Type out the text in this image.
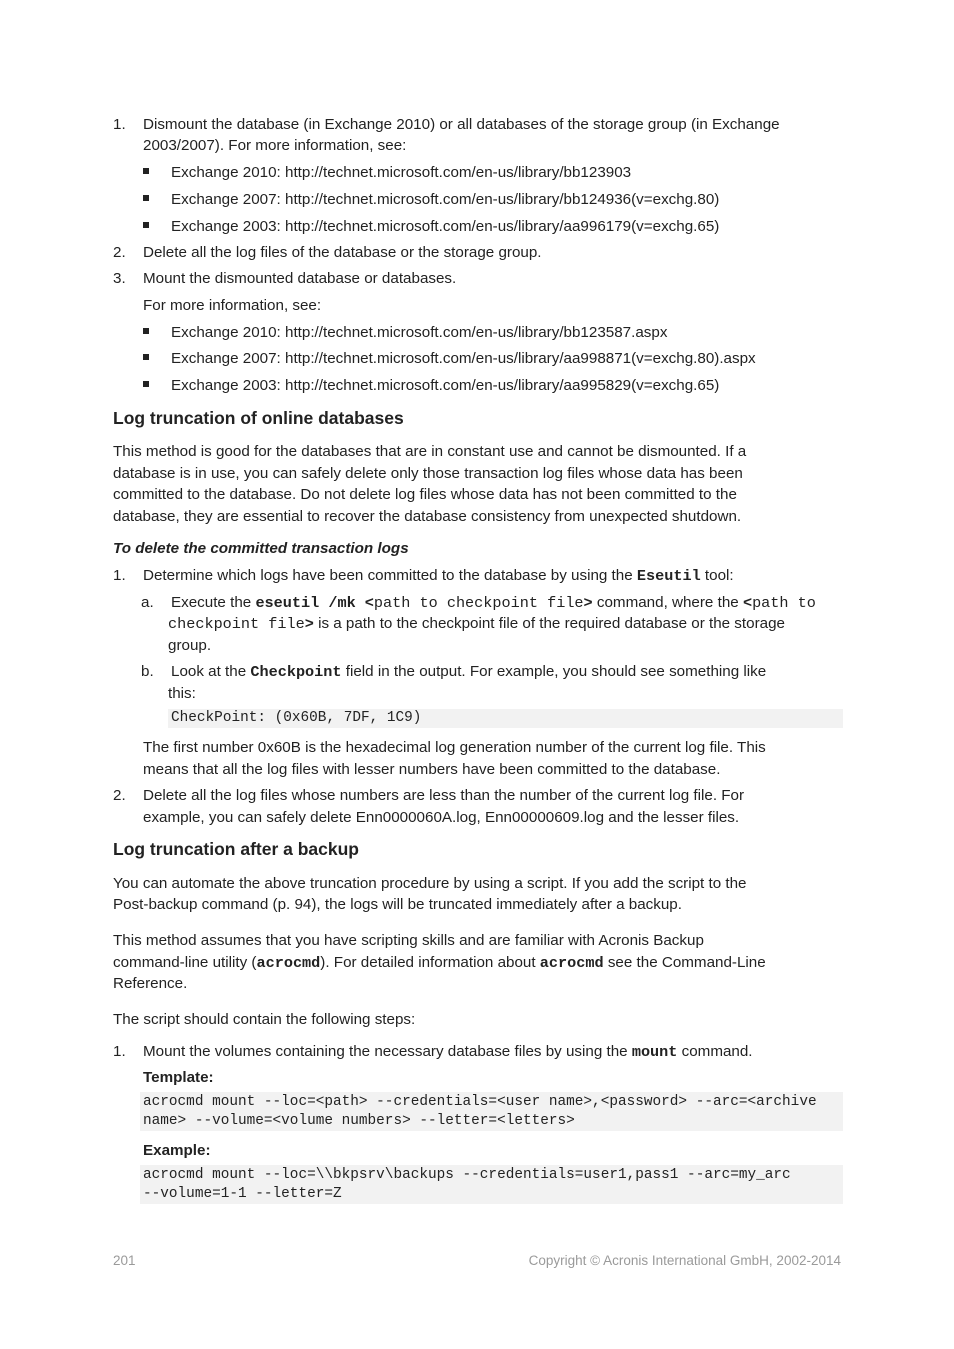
1. Dismount the database (in Exchange 2010) or all databases of the storage group (in Exchange
2003/2007). For more information, see:
Exchange 2010: http://technet.microsoft.com/en-us/library/bb123903
Exchange 2007: http://technet.microsoft.com/en-us/library/bb124936(v=exchg.80)
Exchange 2003: http://technet.microsoft.com/en-us/library/aa996179(v=exchg.65)
2. Delete all the log files of the database or the storage group.
3. Mount the dismounted database or databases.
For more information, see:
Exchange 2010: http://technet.microsoft.com/en-us/library/bb123587.aspx
Exchange 2007: http://technet.microsoft.com/en-us/library/aa998871(v=exchg.80).aspx
Exchange 2003: http://technet.microsoft.com/en-us/library/aa995829(v=exchg.65)
Log truncation of online databases
This method is good for the databases that are in constant use and cannot be dismounted. If a
database is in use, you can safely delete only those transaction log files whose data has been
committed to the database. Do not delete log files whose data has not been committed to the
database, they are essential to recover the database consistency from unexpected shutdown.
To delete the committed transaction logs
1. Determine which logs have been committed to the database by using the Eseutil tool:
a. Execute the eseutil /mk <path to checkpoint file> command, where the <path to
checkpoint file> is a path to the checkpoint file of the required database or the storage
group.
b. Look at the Checkpoint field in the output. For example, you should see something like
this:
CheckPoint: (0x60B, 7DF, 1C9)
The first number 0x60B is the hexadecimal log generation number of the current log file. This
means that all the log files with lesser numbers have been committed to the database.
2. Delete all the log files whose numbers are less than the number of the current log file. For
example, you can safely delete Enn0000060A.log, Enn00000609.log and the lesser files.
Log truncation after a backup
You can automate the above truncation procedure by using a script. If you add the script to the
Post-backup command (p. 94), the logs will be truncated immediately after a backup.
This method assumes that you have scripting skills and are familiar with Acronis Backup
command-line utility (acrocmd). For detailed information about acrocmd see the Command-Line
Reference.
The script should contain the following steps:
1. Mount the volumes containing the necessary database files by using the mount command.
Template:
acrocmd mount --loc=<path> --credentials=<user name>,<password> --arc=<archive
name> --volume=<volume numbers> --letter=<letters>
Example:
acrocmd mount --loc=\\bkpsrv\backups --credentials=user1,pass1 --arc=my_arc
--volume=1-1 --letter=Z
201	Copyright © Acronis International GmbH, 2002-2014
